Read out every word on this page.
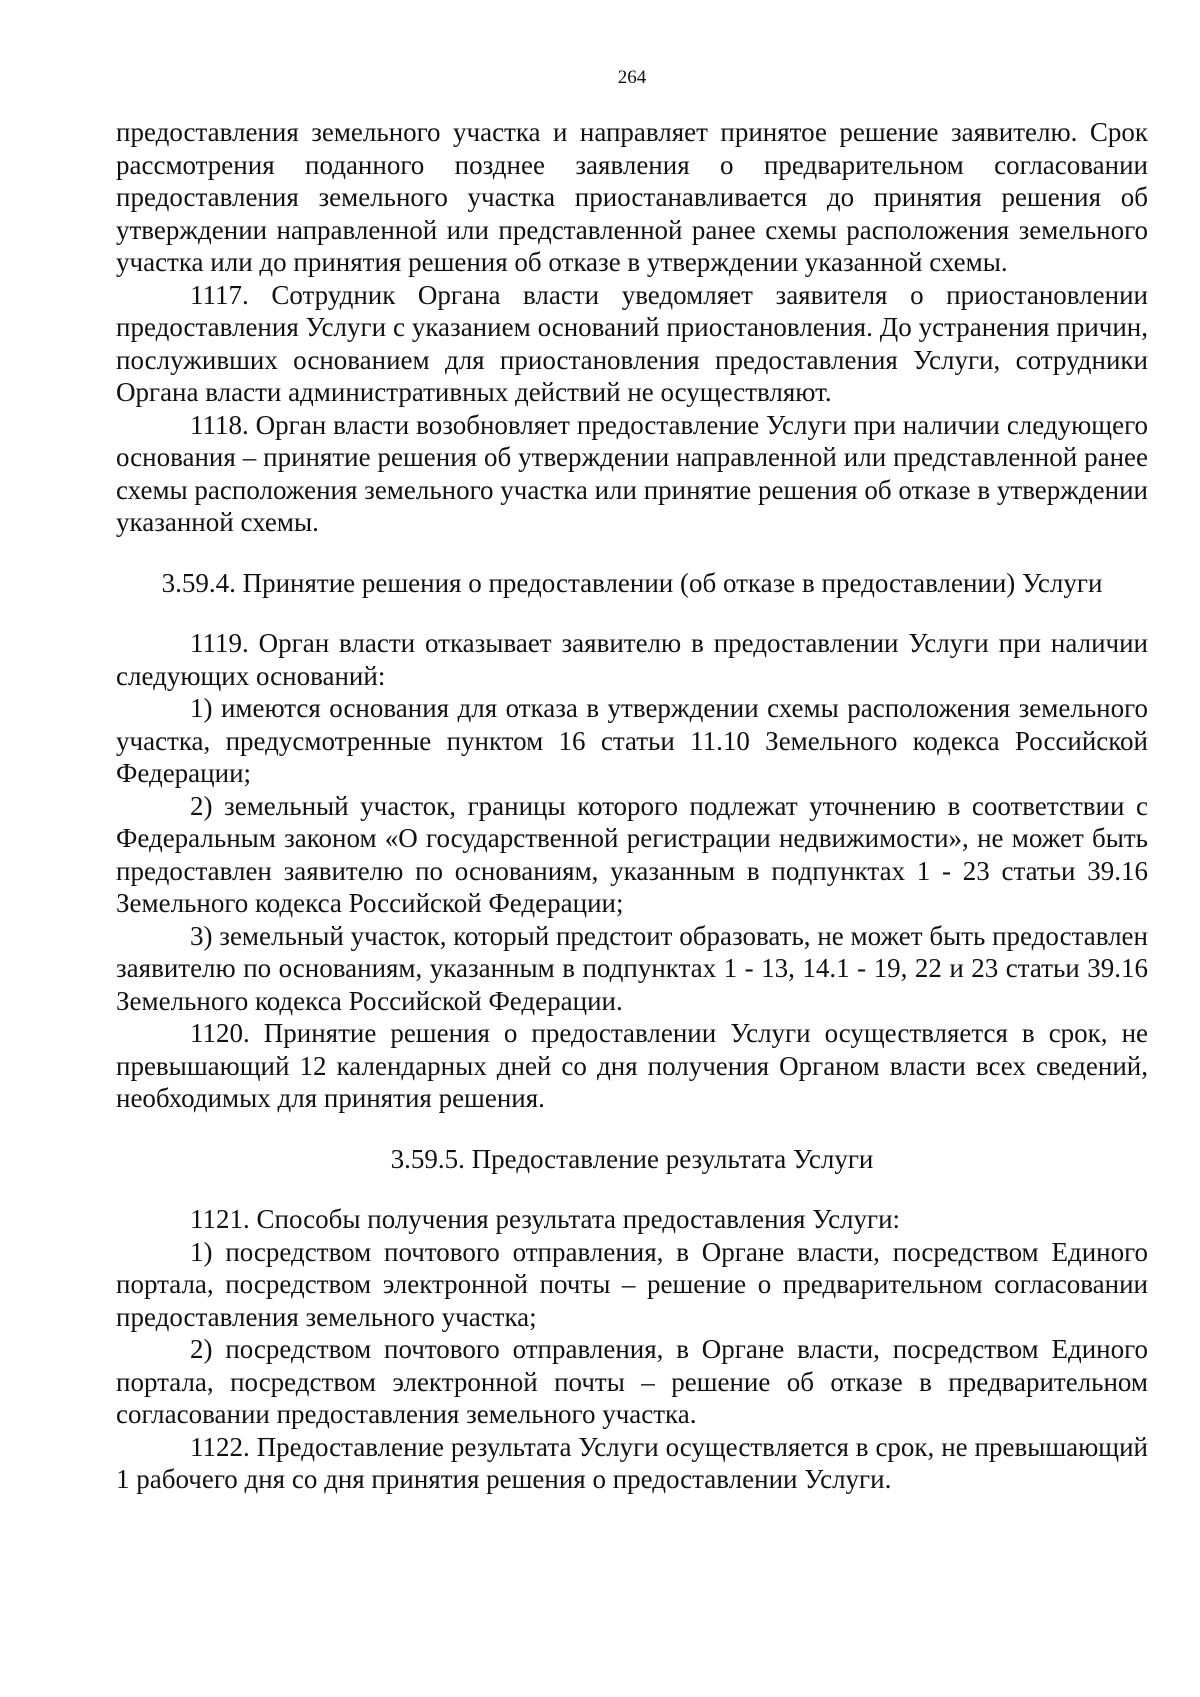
264

предоставления земельного участка и направляет принятое решение заявителю. Срок рассмотрения поданного позднее заявления о предварительном согласовании предоставления земельного участка приостанавливается до принятия решения об утверждении направленной или представленной ранее схемы расположения земельного участка или до принятия решения об отказе в утверждении указанной схемы.

1117. Сотрудник Органа власти уведомляет заявителя о приостановлении предоставления Услуги с указанием оснований приостановления. До устранения причин, послуживших основанием для приостановления предоставления Услуги, сотрудники Органа власти административных действий не осуществляют.

1118. Орган власти возобновляет предоставление Услуги при наличии следующего основания – принятие решения об утверждении направленной или представленной ранее схемы расположения земельного участка или принятие решения об отказе в утверждении указанной схемы.

3.59.4. Принятие решения о предоставлении (об отказе в предоставлении) Услуги

1119. Орган власти отказывает заявителю в предоставлении Услуги при наличии следующих оснований:

1) имеются основания для отказа в утверждении схемы расположения земельного участка, предусмотренные пунктом 16 статьи 11.10 Земельного кодекса Российской Федерации;

2) земельный участок, границы которого подлежат уточнению в соответствии с Федеральным законом «О государственной регистрации недвижимости», не может быть предоставлен заявителю по основаниям, указанным в подпунктах 1 - 23 статьи 39.16 Земельного кодекса Российской Федерации;

3) земельный участок, который предстоит образовать, не может быть предоставлен заявителю по основаниям, указанным в подпунктах 1 - 13, 14.1 - 19, 22 и 23 статьи 39.16 Земельного кодекса Российской Федерации.

1120. Принятие решения о предоставлении Услуги осуществляется в срок, не превышающий 12 календарных дней со дня получения Органом власти всех сведений, необходимых для принятия решения.

3.59.5. Предоставление результата Услуги

1121. Способы получения результата предоставления Услуги:

1) посредством почтового отправления, в Органе власти, посредством Единого портала, посредством электронной почты – решение о предварительном согласовании предоставления земельного участка;

2) посредством почтового отправления, в Органе власти, посредством Единого портала, посредством электронной почты – решение об отказе в предварительном согласовании предоставления земельного участка.

1122. Предоставление результата Услуги осуществляется в срок, не превышающий 1 рабочего дня со дня принятия решения о предоставлении Услуги.
